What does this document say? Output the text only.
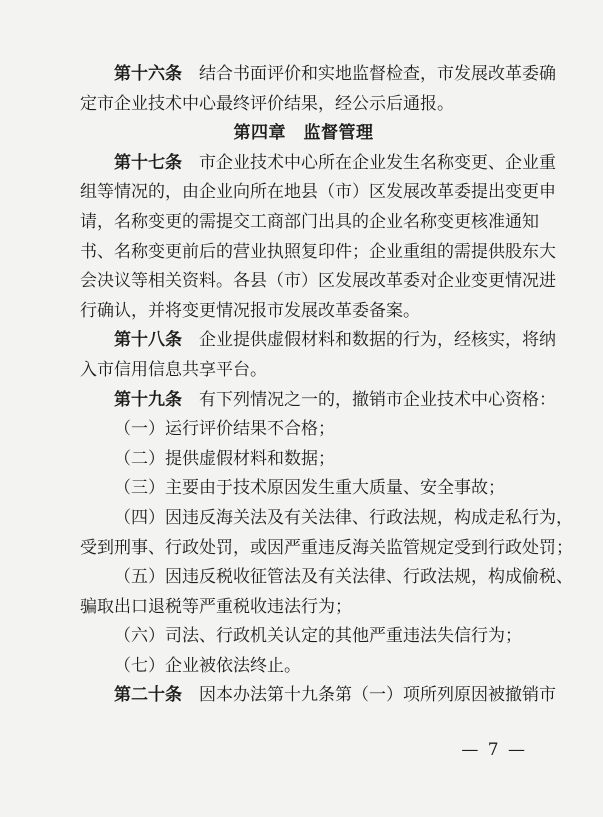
第十六条　 结合书面评价和实地监督检查，市发展改革委确
定市企业技术中心最终评价结果，经公示后通报。
第四章　监督管理
第十七条　 市企业技术中心所在企业发生名称变更、企业重
组等情况的，由企业向所在地县（市）区发展改革委提出变更申
请，名称变更的需提交工商部门出具的企业名称变更核准通知
书、名称变更前后的营业执照复印件；企业重组的需提供股东大
会决议等相关资料。各县（市）区发展改革委对企业变更情况进
行确认，并将变更情况报市发展改革委备案。
第十八条　 企业提供虚假材料和数据的行为，经核实，将纳
入市信用信息共享平台。
第十九条　 有下列情况之一的，撤销市企业技术中心资格：
（一）运行评价结果不合格；
（二）提供虚假材料和数据；
（三）主要由于技术原因发生重大质量、安全事故；
（四）因违反海关法及有关法律、行政法规，构成走私行为，
受到刑事、行政处罚，或因严重违反海关监管规定受到行政处罚；
（五）因违反税收征管法及有关法律、行政法规，构成偷税、
骗取出口退税等严重税收违法行为；
（六）司法、行政机关认定的其他严重违法失信行为；
（七）企业被依法终止。
第二十条　 因本办法第十九条第（一）项所列原因被撤销市
— 7 —
